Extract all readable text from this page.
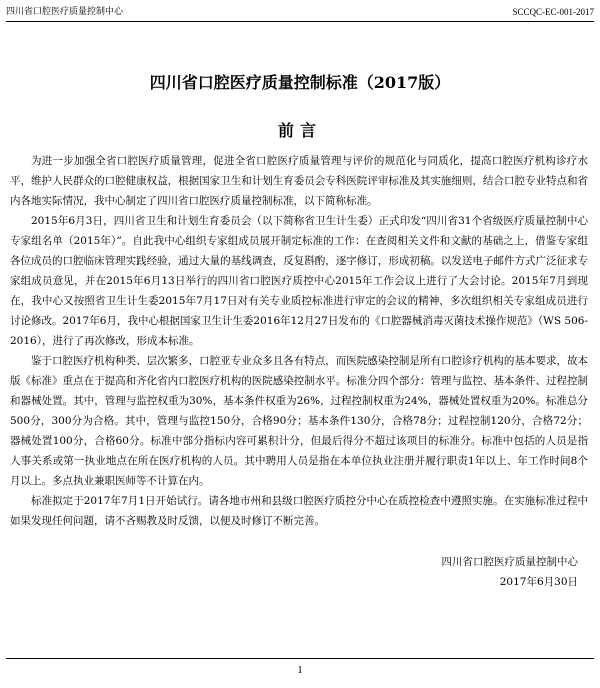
四川省口腔医疗质量控制中心	SCCQC-EC-001-2017
四川省口腔医疗质量控制标准（2017版）
前言

为进一步加强全省口腔医疗质量管理，促进全省口腔医疗质量管理与评价的规范化与同质化，提高口腔医疗机构诊疗水平，维护人民群众的口腔健康权益，根据国家卫生和计划生育委员会专科医院评审标准及其实施细则，结合口腔专业特点和省内各地实际情况，我中心制定了四川省口腔医疗质量控制标准，以下简称标准。

2015年6月3日，四川省卫生和计划生育委员会（以下简称省卫生计生委）正式印发“四川省31个省级医疗质量控制中心专家组名单（2015年）”。自此我中心组织专家组成员展开制定标准的工作：在查阅相关文件和文献的基础之上，借鉴专家组各位成员的口腔临床管理实践经验，通过大量的基线调查，反复斟酌，逐字修订，形成初稿。以发送电子邮件方式广泛征求专家组成员意见，并在2015年6月13日举行的四川省口腔医疗质控中心2015年工作会议上进行了大会讨论。2015年7月到现在，我中心又按照省卫生计生委2015年7月17日对有关专业质控标准进行审定的会议的精神，多次组织相关专家组成员进行讨论修改。2017年6月，我中心根据国家卫生计生委2016年12月27日发布的《口腔器械消毒灭菌技术操作规范》（WS 506-2016），进行了再次修改，形成本标准。

鉴于口腔医疗机构种类、层次繁多，口腔亚专业众多且各有特点，而医院感染控制是所有口腔诊疗机构的基本要求，故本版《标准》重点在于提高和齐化省内口腔医疗机构的医院感染控制水平。标准分四个部分：管理与监控、基本条件、过程控制和器械处置。其中，管理与监控权重为30%，基本条件权重为26%，过程控制权重为24%，器械处置权重为20%。标准总分500分，300分为合格。其中，管理与监控150分，合格90分；基本条件130分，合格78分；过程控制120分，合格72分；器械处置100分，合格60分。标准中部分指标内容可累积计分，但最后得分不超过该项目的标准分。标准中包括的人员是指人事关系或第一执业地点在所在医疗机构的人员。其中聘用人员是指在本单位执业注册并履行职责1年以上、年工作时间8个月以上。多点执业兼职医师等不计算在内。

标准拟定于2017年7月1日开始试行。请各地市州和县级口腔医疗质控分中心在质控检查中遵照实施。在实施标准过程中如果发现任何问题，请不吝赐教及时反馈，以便及时修订不断完善。

四川省口腔医疗质量控制中心
2017年6月30日
1
